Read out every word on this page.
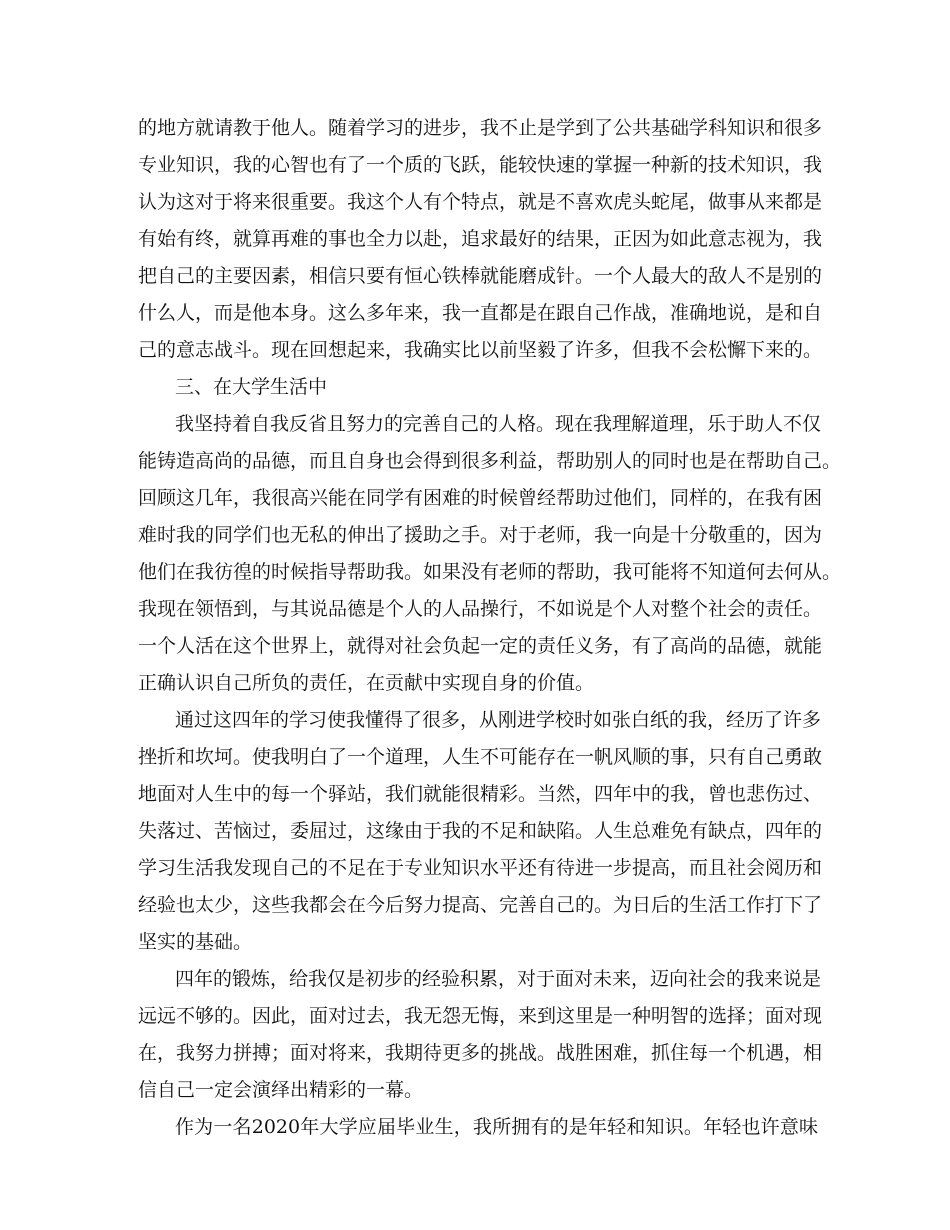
的地方就请教于他人。随着学习的进步，我不止是学到了公共基础学科知识和很多
专业知识，我的心智也有了一个质的飞跃，能较快速的掌握一种新的技术知识，我
认为这对于将来很重要。我这个人有个特点，就是不喜欢虎头蛇尾，做事从来都是
有始有终，就算再难的事也全力以赴，追求最好的结果，正因为如此意志视为，我
把自己的主要因素，相信只要有恒心铁棒就能磨成针。一个人最大的敌人不是别的
什么人，而是他本身。这么多年来，我一直都是在跟自己作战，准确地说，是和自
己的意志战斗。现在回想起来，我确实比以前坚毅了许多，但我不会松懈下来的。
三、在大学生活中
我坚持着自我反省且努力的完善自己的人格。现在我理解道理，乐于助人不仅
能铸造高尚的品德，而且自身也会得到很多利益，帮助别人的同时也是在帮助自己。
回顾这几年，我很高兴能在同学有困难的时候曾经帮助过他们，同样的，在我有困
难时我的同学们也无私的伸出了援助之手。对于老师，我一向是十分敬重的，因为
他们在我彷徨的时候指导帮助我。如果没有老师的帮助，我可能将不知道何去何从。
我现在领悟到，与其说品德是个人的人品操行，不如说是个人对整个社会的责任。
一个人活在这个世界上，就得对社会负起一定的责任义务，有了高尚的品德，就能
正确认识自己所负的责任，在贡献中实现自身的价值。
通过这四年的学习使我懂得了很多，从刚进学校时如张白纸的我，经历了许多
挫折和坎坷。使我明白了一个道理，人生不可能存在一帆风顺的事，只有自己勇敢
地面对人生中的每一个驿站，我们就能很精彩。当然，四年中的我，曾也悲伤过、
失落过、苦恼过，委屈过，这缘由于我的不足和缺陷。人生总难免有缺点，四年的
学习生活我发现自己的不足在于专业知识水平还有待进一步提高，而且社会阅历和
经验也太少，这些我都会在今后努力提高、完善自己的。为日后的生活工作打下了
坚实的基础。
四年的锻炼，给我仅是初步的经验积累，对于面对未来，迈向社会的我来说是
远远不够的。因此，面对过去，我无怨无悔，来到这里是一种明智的选择；面对现
在，我努力拼搏；面对将来，我期待更多的挑战。战胜困难，抓住每一个机遇，相
信自己一定会演绎出精彩的一幕。
作为一名2020年大学应届毕业生，我所拥有的是年轻和知识。年轻也许意味
